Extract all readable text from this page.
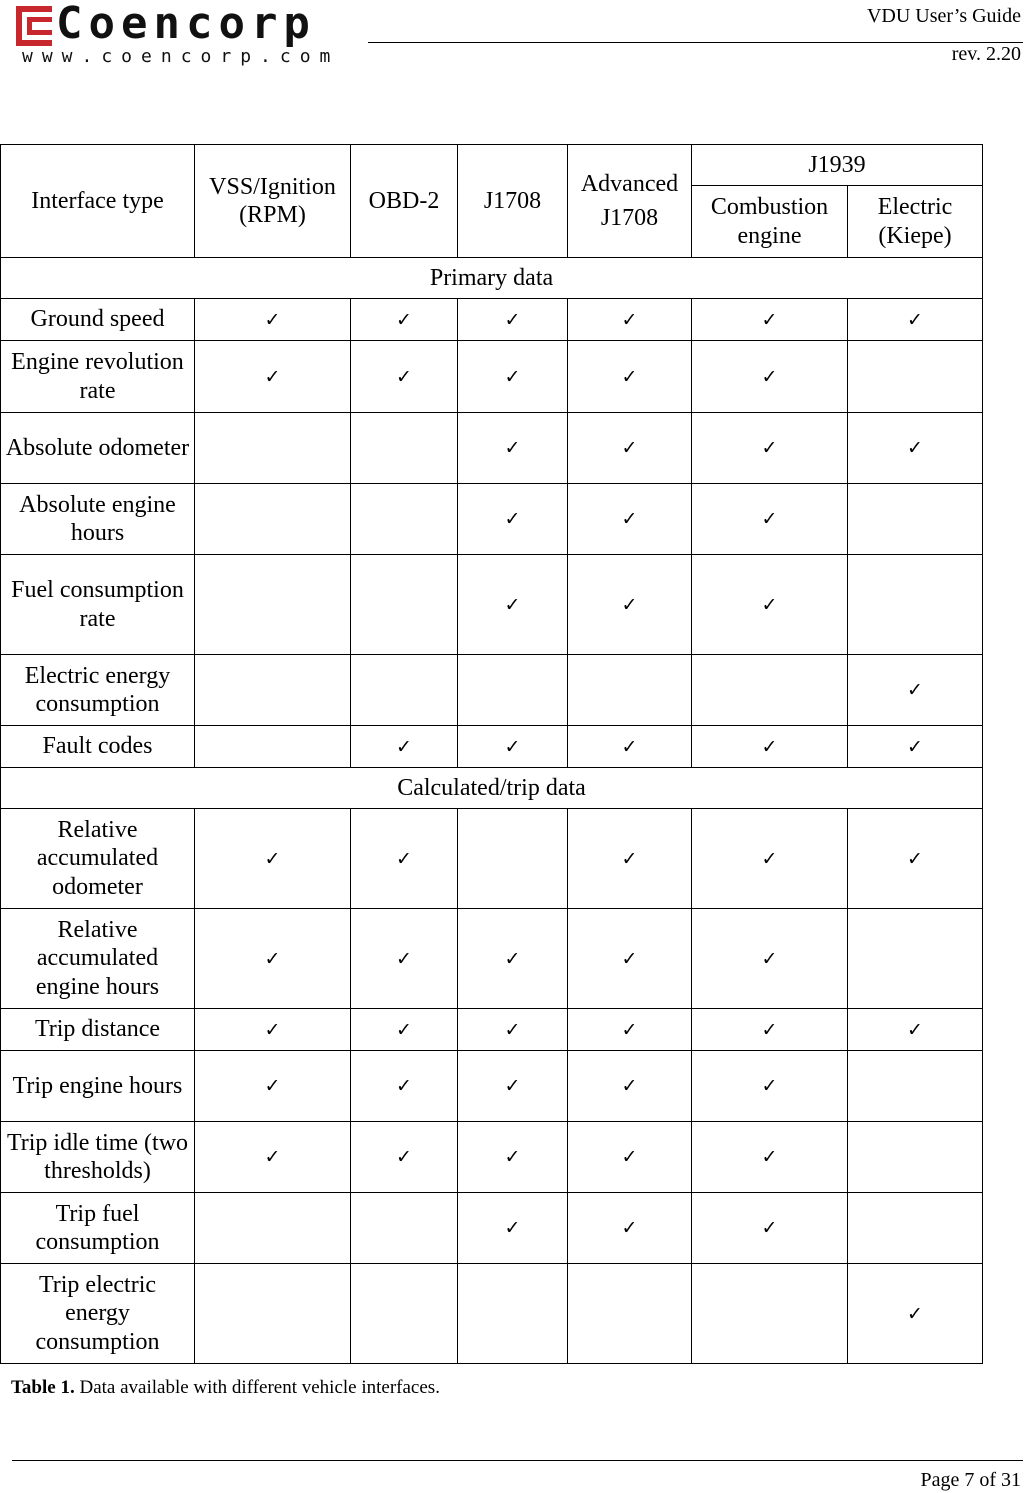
Coencorp
www.coencorp.com
VDU User’s Guide
rev. 2.20
Interface type	VSS/Ignition (RPM)	OBD-2	J1708	Advanced J1708	J1939	
					Combustion engine	Electric (Kiepe)
Primary data						
Ground speed	✓	✓	✓	✓	✓	✓
Engine revolution rate	✓	✓	✓	✓	✓	
Absolute odometer			✓	✓	✓	✓
Absolute engine hours			✓	✓	✓	
Fuel consumption rate			✓	✓	✓	
Electric energy consumption						✓
Fault codes		✓	✓	✓	✓	✓
Calculated/trip data						
Relative accumulated odometer	✓	✓		✓	✓	✓
Relative accumulated engine hours	✓	✓	✓	✓	✓	
Trip distance	✓	✓	✓	✓	✓	✓
Trip engine hours	✓	✓	✓	✓	✓	
Trip idle time (two thresholds)	✓	✓	✓	✓	✓	
Trip fuel consumption			✓	✓	✓	
Trip electric energy consumption						✓
Table 1. Data available with different vehicle interfaces.
Page 7 of 31
